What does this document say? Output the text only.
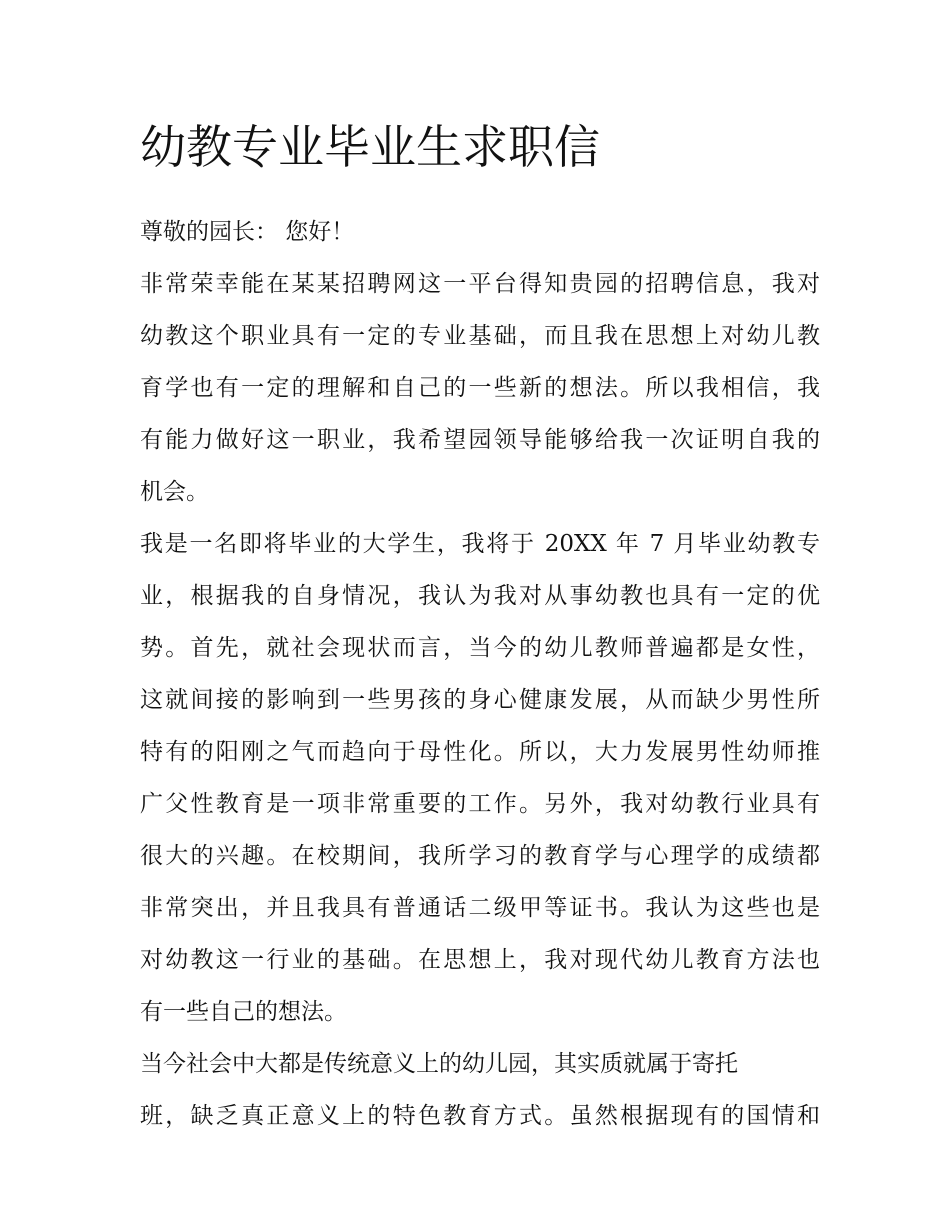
幼教专业毕业生求职信

尊敬的园长： 您好！

非常荣幸能在某某招聘网这一平台得知贵园的招聘信息，我对
幼教这个职业具有一定的专业基础，而且我在思想上对幼儿教
育学也有一定的理解和自己的一些新的想法。所以我相信，我
有能力做好这一职业，我希望园领导能够给我一次证明自我的
机会。
我是一名即将毕业的大学生，我将于 20XX 年 7 月毕业幼教专
业，根据我的自身情况，我认为我对从事幼教也具有一定的优
势。首先，就社会现状而言，当今的幼儿教师普遍都是女性，
这就间接的影响到一些男孩的身心健康发展，从而缺少男性所
特有的阳刚之气而趋向于母性化。所以，大力发展男性幼师推
广父性教育是一项非常重要的工作。另外，我对幼教行业具有
很大的兴趣。在校期间，我所学习的教育学与心理学的成绩都
非常突出，并且我具有普通话二级甲等证书。我认为这些也是
对幼教这一行业的基础。在思想上，我对现代幼儿教育方法也
有一些自己的想法。
当今社会中大都是传统意义上的幼儿园，其实质就属于寄托
班，缺乏真正意义上的特色教育方式。虽然根据现有的国情和
